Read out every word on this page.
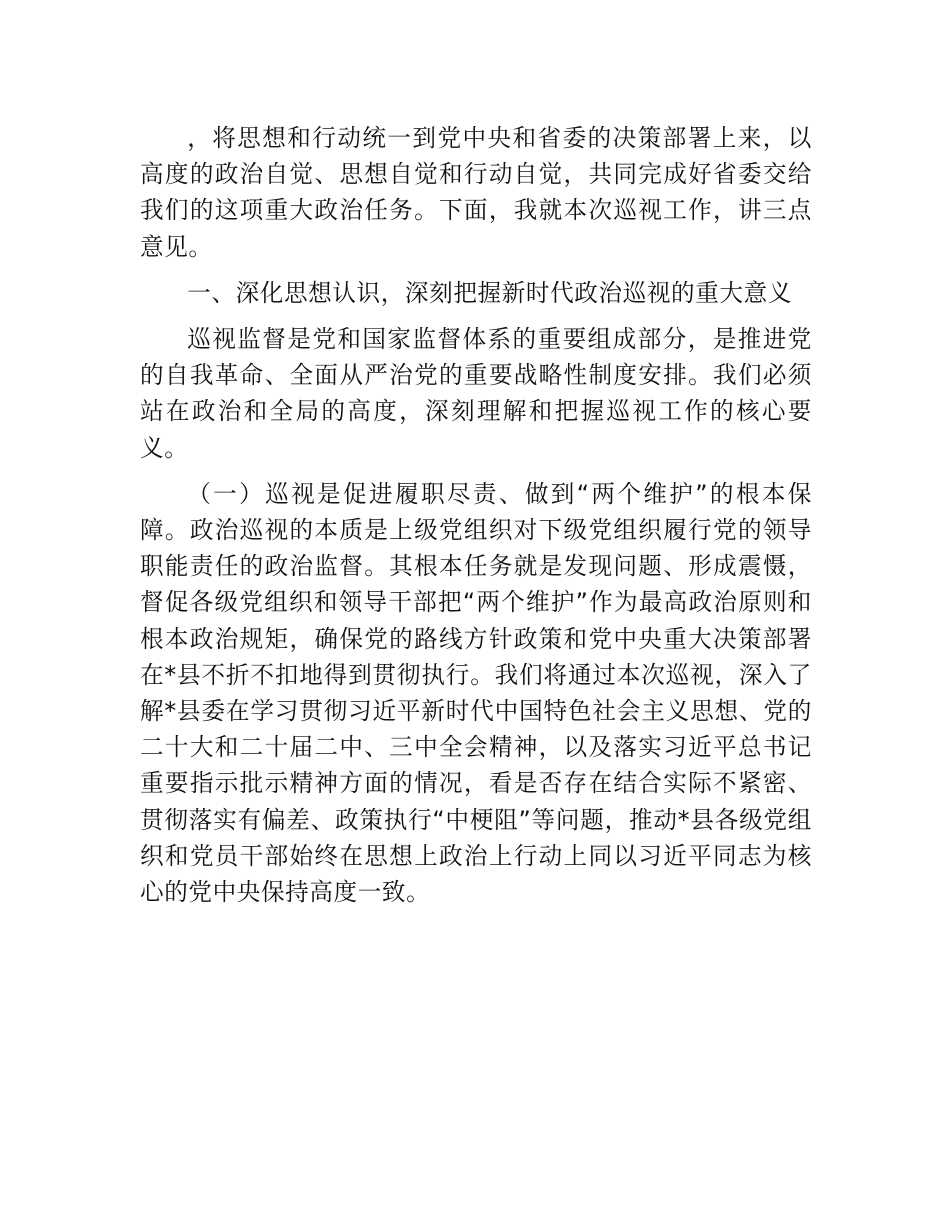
，将思想和行动统一到党中央和省委的决策部署上来，以高度的政治自觉、思想自觉和行动自觉，共同完成好省委交给我们的这项重大政治任务。下面，我就本次巡视工作，讲三点意见。

一、深化思想认识，深刻把握新时代政治巡视的重大意义

巡视监督是党和国家监督体系的重要组成部分，是推进党的自我革命、全面从严治党的重要战略性制度安排。我们必须站在政治和全局的高度，深刻理解和把握巡视工作的核心要义。

（一）巡视是促进履职尽责、做到“两个维护”的根本保障。政治巡视的本质是上级党组织对下级党组织履行党的领导职能责任的政治监督。其根本任务就是发现问题、形成震慑，督促各级党组织和领导干部把“两个维护”作为最高政治原则和根本政治规矩，确保党的路线方针政策和党中央重大决策部署在*县不折不扣地得到贯彻执行。我们将通过本次巡视，深入了解*县委在学习贯彻习近平新时代中国特色社会主义思想、党的二十大和二十届二中、三中全会精神，以及落实习近平总书记重要指示批示精神方面的情况，看是否存在结合实际不紧密、贯彻落实有偏差、政策执行“中梗阻”等问题，推动*县各级党组织和党员干部始终在思想上政治上行动上同以习近平同志为核心的党中央保持高度一致。
